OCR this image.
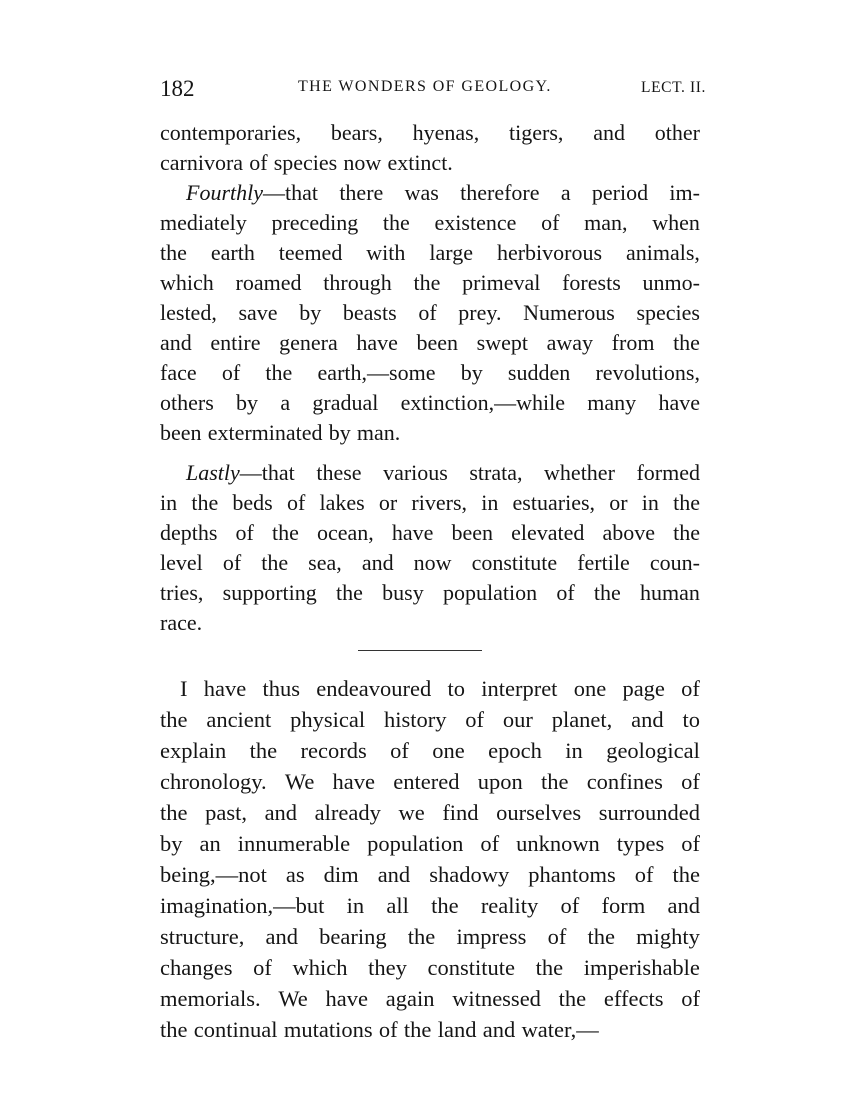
182	THE WONDERS OF GEOLOGY.	LECT. II.
contemporaries, bears, hyenas, tigers, and other
carnivora of species now extinct.
Fourthly—that there was therefore a period im-
mediately preceding the existence of man, when
the earth teemed with large herbivorous animals,
which roamed through the primeval forests unmo-
lested, save by beasts of prey. Numerous species
and entire genera have been swept away from the
face of the earth,—some by sudden revolutions,
others by a gradual extinction,—while many have
been exterminated by man.
Lastly—that these various strata, whether formed
in the beds of lakes or rivers, in estuaries, or in the
depths of the ocean, have been elevated above the
level of the sea, and now constitute fertile coun-
tries, supporting the busy population of the human
race.
I have thus endeavoured to interpret one page of
the ancient physical history of our planet, and to
explain the records of one epoch in geological
chronology. We have entered upon the confines of
the past, and already we find ourselves surrounded
by an innumerable population of unknown types of
being,—not as dim and shadowy phantoms of the
imagination,—but in all the reality of form and
structure, and bearing the impress of the mighty
changes of which they constitute the imperishable
memorials. We have again witnessed the effects of
the continual mutations of the land and water,—
